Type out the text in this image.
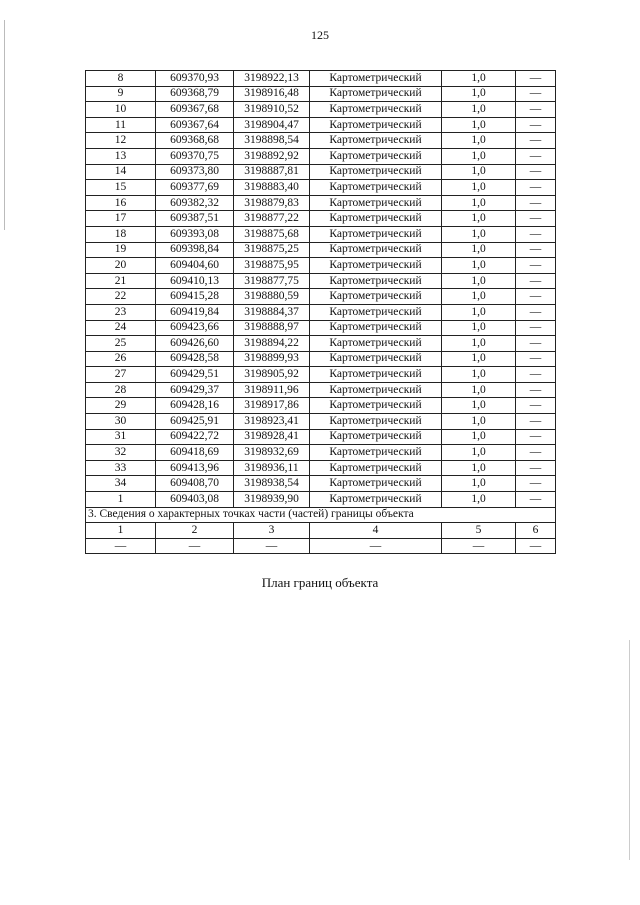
125
8	609370,93	3198922,13	Картометрический	1,0	—
9	609368,79	3198916,48	Картометрический	1,0	—
10	609367,68	3198910,52	Картометрический	1,0	—
11	609367,64	3198904,47	Картометрический	1,0	—
12	609368,68	3198898,54	Картометрический	1,0	—
13	609370,75	3198892,92	Картометрический	1,0	—
14	609373,80	3198887,81	Картометрический	1,0	—
15	609377,69	3198883,40	Картометрический	1,0	—
16	609382,32	3198879,83	Картометрический	1,0	—
17	609387,51	3198877,22	Картометрический	1,0	—
18	609393,08	3198875,68	Картометрический	1,0	—
19	609398,84	3198875,25	Картометрический	1,0	—
20	609404,60	3198875,95	Картометрический	1,0	—
21	609410,13	3198877,75	Картометрический	1,0	—
22	609415,28	3198880,59	Картометрический	1,0	—
23	609419,84	3198884,37	Картометрический	1,0	—
24	609423,66	3198888,97	Картометрический	1,0	—
25	609426,60	3198894,22	Картометрический	1,0	—
26	609428,58	3198899,93	Картометрический	1,0	—
27	609429,51	3198905,92	Картометрический	1,0	—
28	609429,37	3198911,96	Картометрический	1,0	—
29	609428,16	3198917,86	Картометрический	1,0	—
30	609425,91	3198923,41	Картометрический	1,0	—
31	609422,72	3198928,41	Картометрический	1,0	—
32	609418,69	3198932,69	Картометрический	1,0	—
33	609413,96	3198936,11	Картометрический	1,0	—
34	609408,70	3198938,54	Картометрический	1,0	—
1	609403,08	3198939,90	Картометрический	1,0	—
3. Сведения о характерных точках части (частей) границы объекта					
1	2	3	4	5	6
—	—	—	—	—	—
План границ объекта
